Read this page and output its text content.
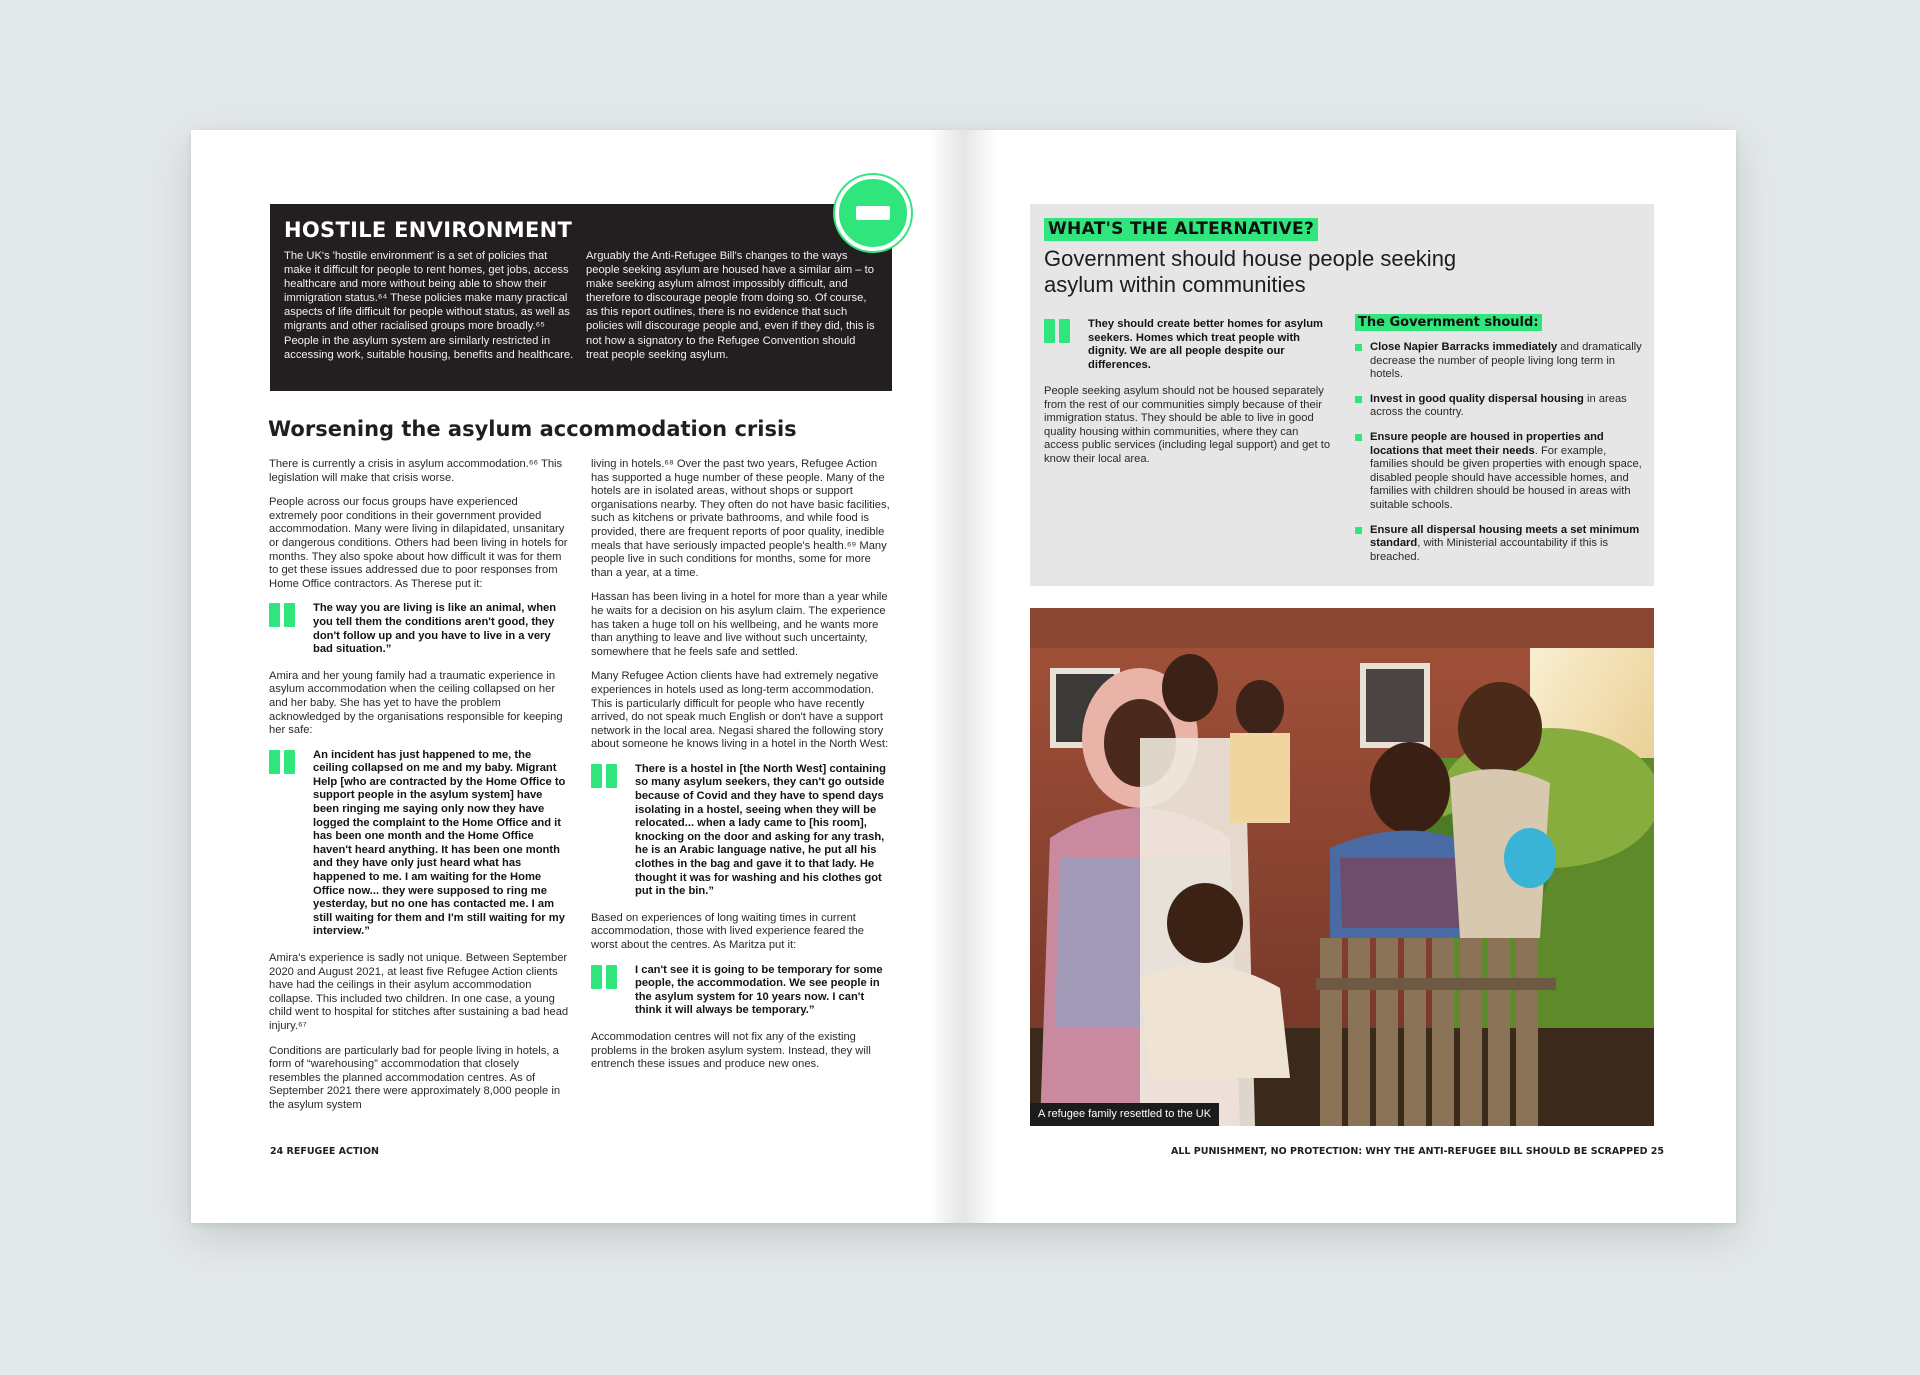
HOSTILE ENVIRONMENT
The UK's 'hostile environment' is a set of policies that make it difficult for people to rent homes, get jobs, access healthcare and more without being able to show their immigration status.⁶⁴ These policies make many practical aspects of life difficult for people without status, as well as migrants and other racialised groups more broadly.⁶⁵ People in the asylum system are similarly restricted in accessing work, suitable housing, benefits and healthcare.
Arguably the Anti-Refugee Bill's changes to the ways people seeking asylum are housed have a similar aim – to make seeking asylum almost impossibly difficult, and therefore to discourage people from doing so. Of course, as this report outlines, there is no evidence that such policies will discourage people and, even if they did, this is not how a signatory to the Refugee Convention should treat people seeking asylum.
Worsening the asylum accommodation crisis

There is currently a crisis in asylum accommodation.⁶⁶ This legislation will make that crisis worse.

People across our focus groups have experienced extremely poor conditions in their government provided accommodation. Many were living in dilapidated, unsanitary or dangerous conditions. Others had been living in hotels for months. They also spoke about how difficult it was for them to get these issues addressed due to poor responses from Home Office contractors. As Therese put it:

The way you are living is like an animal, when you tell them the conditions aren't good, they don't follow up and you have to live in a very bad situation.”

Amira and her young family had a traumatic experience in asylum accommodation when the ceiling collapsed on her and her baby. She has yet to have the problem acknowledged by the organisations responsible for keeping her safe:

An incident has just happened to me, the ceiling collapsed on me and my baby. Migrant Help [who are contracted by the Home Office to support people in the asylum system] have been ringing me saying only now they have logged the complaint to the Home Office and it has been one month and the Home Office haven't heard anything. It has been one month and they have only just heard what has happened to me. I am waiting for the Home Office now... they were supposed to ring me yesterday, but no one has contacted me. I am still waiting for them and I'm still waiting for my interview.”

Amira's experience is sadly not unique. Between September 2020 and August 2021, at least five Refugee Action clients have had the ceilings in their asylum accommodation collapse. This included two children. In one case, a young child went to hospital for stitches after sustaining a bad head injury.⁶⁷

Conditions are particularly bad for people living in hotels, a form of “warehousing” accommodation that closely resembles the planned accommodation centres. As of September 2021 there were approximately 8,000 people in the asylum system

living in hotels.⁶⁸ Over the past two years, Refugee Action has supported a huge number of these people. Many of the hotels are in isolated areas, without shops or support organisations nearby. They often do not have basic facilities, such as kitchens or private bathrooms, and while food is provided, there are frequent reports of poor quality, inedible meals that have seriously impacted people's health.⁶⁹ Many people live in such conditions for months, some for more than a year, at a time.

Hassan has been living in a hotel for more than a year while he waits for a decision on his asylum claim. The experience has taken a huge toll on his wellbeing, and he wants more than anything to leave and live without such uncertainty, somewhere that he feels safe and settled.

Many Refugee Action clients have had extremely negative experiences in hotels used as long-term accommodation. This is particularly difficult for people who have recently arrived, do not speak much English or don't have a support network in the local area. Negasi shared the following story about someone he knows living in a hotel in the North West:

There is a hostel in [the North West] containing so many asylum seekers, they can't go outside because of Covid and they have to spend days isolating in a hostel, seeing when they will be relocated... when a lady came to [his room], knocking on the door and asking for any trash, he is an Arabic language native, he put all his clothes in the bag and gave it to that lady. He thought it was for washing and his clothes got put in the bin.”

Based on experiences of long waiting times in current accommodation, those with lived experience feared the worst about the centres. As Maritza put it:

I can't see it is going to be temporary for some people, the accommodation. We see people in the asylum system for 10 years now. I can't think it will always be temporary.”

Accommodation centres will not fix any of the existing problems in the broken asylum system. Instead, they will entrench these issues and produce new ones.

24 REFUGEE ACTION
WHAT'S THE ALTERNATIVE?
Government should house people seeking asylum within communities
They should create better homes for asylum seekers. Homes which treat people with dignity. We are all people despite our differences.
People seeking asylum should not be housed separately from the rest of our communities simply because of their immigration status. They should be able to live in good quality housing within communities, where they can access public services (including legal support) and get to know their local area.
The Government should:
Close Napier Barracks immediately and dramatically decrease the number of people living long term in hotels.
Invest in good quality dispersal housing in areas across the country.
Ensure people are housed in properties and locations that meet their needs. For example, families should be given properties with enough space, disabled people should have accessible homes, and families with children should be housed in areas with suitable schools.
Ensure all dispersal housing meets a set minimum standard, with Ministerial accountability if this is breached.
A refugee family resettled to the UK
ALL PUNISHMENT, NO PROTECTION: WHY THE ANTI-REFUGEE BILL SHOULD BE SCRAPPED 25
